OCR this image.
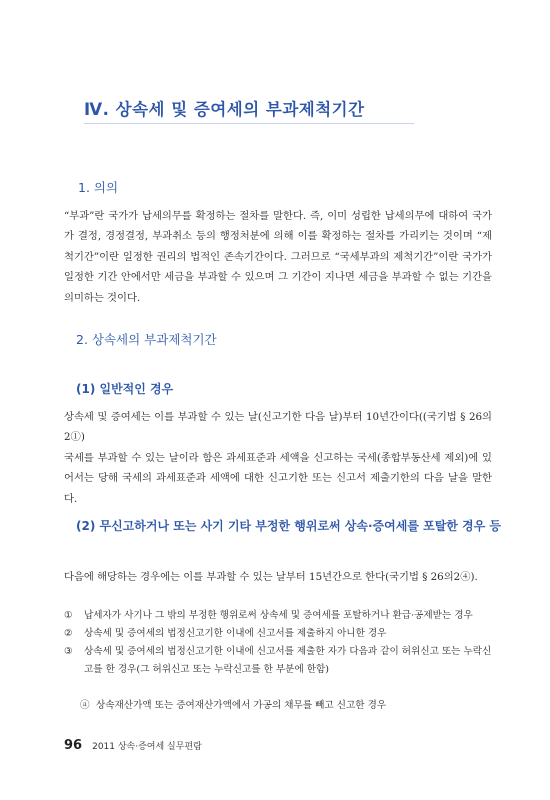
Ⅳ. 상속세 및 증여세의 부과제척기간
1. 의의

“부과”란 국가가 납세의무를 확정하는 절차를 말한다. 즉, 이미 성립한 납세의무에 대하여 국가가 결정, 경정결정, 부과취소 등의 행정처분에 의해 이를 확정하는 절차를 가리키는 것이며 “제척기간”이란 일정한 권리의 법적인 존속기간이다. 그러므로 “국세부과의 제척기간”이란 국가가 일정한 기간 안에서만 세금을 부과할 수 있으며 그 기간이 지나면 세금을 부과할 수 없는 기간을 의미하는 것이다.

2. 상속세의 부과제척기간
(1) 일반적인 경우

상속세 및 증여세는 이를 부과할 수 있는 날(신고기한 다음 날)부터 10년간이다((국기법 § 26의2①)

국세를 부과할 수 있는 날이라 함은 과세표준과 세액을 신고하는 국세(종합부동산세 제외)에 있어서는 당해 국세의 과세표준과 세액에 대한 신고기한 또는 신고서 제출기한의 다음 날을 말한다.

(2) 무신고하거나 또는 사기 기타 부정한 행위로써 상속·증여세를 포탈한 경우 등

다음에 해당하는 경우에는 이를 부과할 수 있는 날부터 15년간으로 한다(국기법 § 26의2④).

① 납세자가 사기나 그 밖의 부정한 행위로써 상속세 및 증여세를 포탈하거나 환급·공제받는 경우
② 상속세 및 증여세의 법정신고기한 이내에 신고서를 제출하지 아니한 경우
③ 상속세 및 증여세의 법정신고기한 이내에 신고서를 제출한 자가 다음과 같이 허위신고 또는 누락신고를 한 경우(그 허위신고 또는 누락신고를 한 부분에 한함)
ⓐ 상속재산가액 또는 증여재산가액에서 가공의 채무를 빼고 신고한 경우
96 2011 상속·증여세 실무편람
